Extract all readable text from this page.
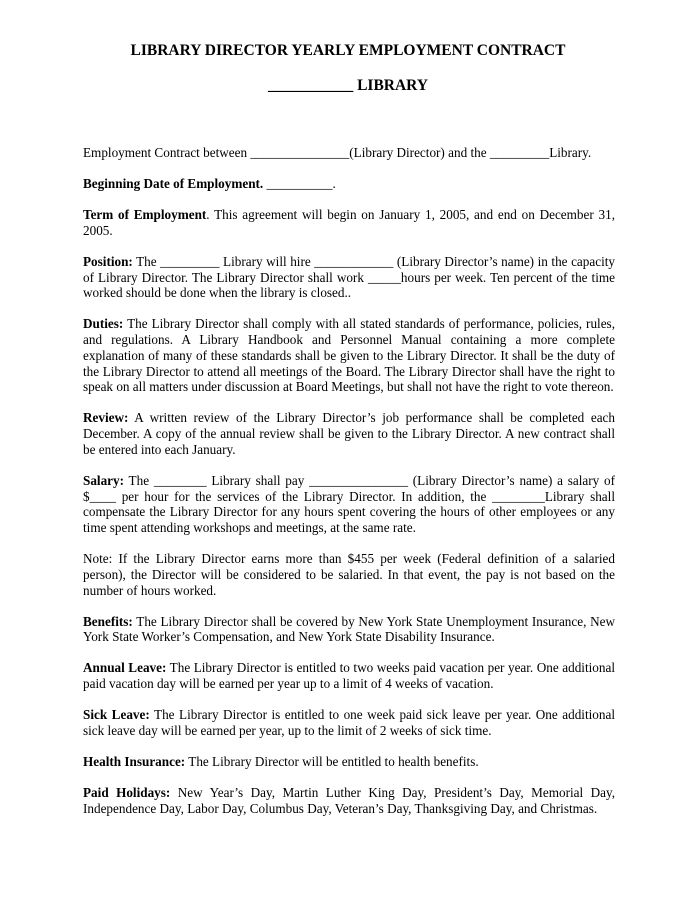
LIBRARY DIRECTOR YEARLY EMPLOYMENT CONTRACT
___________ LIBRARY

Employment Contract between _______________(Library Director) and the _________Library.

Beginning Date of Employment. __________.

Term of Employment. This agreement will begin on January 1, 2005, and end on December 31, 2005.

Position: The _________ Library will hire ____________ (Library Director’s name) in the capacity of Library Director. The Library Director shall work _____hours per week. Ten percent of the time worked should be done when the library is closed..

Duties: The Library Director shall comply with all stated standards of performance, policies, rules, and regulations. A Library Handbook and Personnel Manual containing a more complete explanation of many of these standards shall be given to the Library Director. It shall be the duty of the Library Director to attend all meetings of the Board. The Library Director shall have the right to speak on all matters under discussion at Board Meetings, but shall not have the right to vote thereon.

Review: A written review of the Library Director’s job performance shall be completed each December. A copy of the annual review shall be given to the Library Director. A new contract shall be entered into each January.

Salary: The ________ Library shall pay _______________ (Library Director’s name) a salary of $____ per hour for the services of the Library Director. In addition, the ________Library shall compensate the Library Director for any hours spent covering the hours of other employees or any time spent attending workshops and meetings, at the same rate.

Note: If the Library Director earns more than $455 per week (Federal definition of a salaried person), the Director will be considered to be salaried. In that event, the pay is not based on the number of hours worked.

Benefits: The Library Director shall be covered by New York State Unemployment Insurance, New York State Worker’s Compensation, and New York State Disability Insurance.

Annual Leave: The Library Director is entitled to two weeks paid vacation per year. One additional paid vacation day will be earned per year up to a limit of 4 weeks of vacation.

Sick Leave: The Library Director is entitled to one week paid sick leave per year. One additional sick leave day will be earned per year, up to the limit of 2 weeks of sick time.

Health Insurance: The Library Director will be entitled to health benefits.

Paid Holidays: New Year’s Day, Martin Luther King Day, President’s Day, Memorial Day, Independence Day, Labor Day, Columbus Day, Veteran’s Day, Thanksgiving Day, and Christmas.
